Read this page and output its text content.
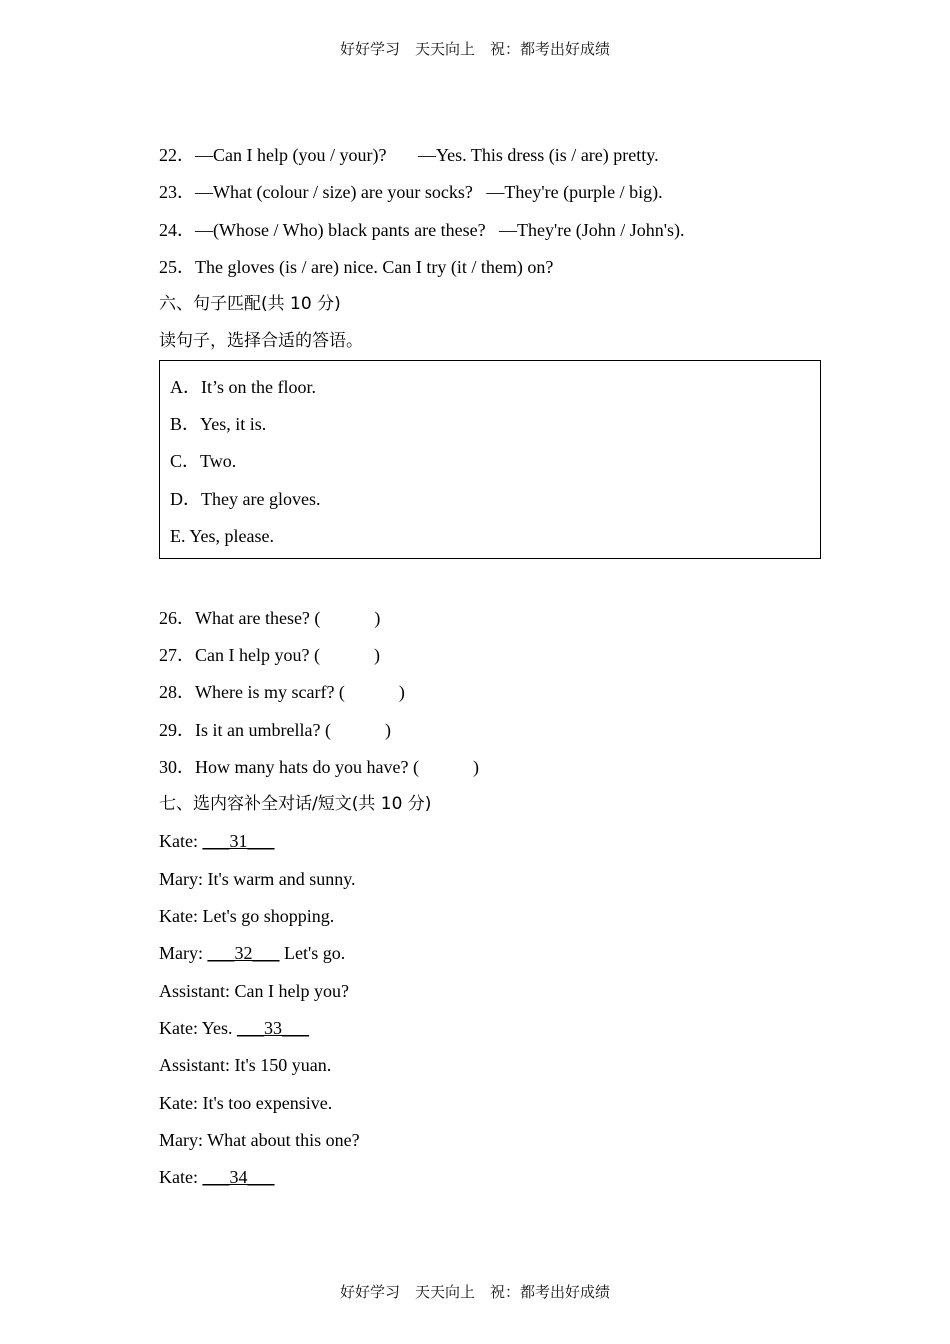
好好学习　天天向上　祝：都考出好成绩
22．—Can I help (you / your)?       —Yes. This dress (is / are) pretty.
23．—What (colour / size) are your socks?   —They're (purple / big).
24．—(Whose / Who) black pants are these?   —They're (John / John's).
25．The gloves (is / are) nice. Can I try (it / them) on?
六、句子匹配(共 10 分)
读句子，选择合适的答语。
A．It’s on the floor.
B．Yes, it is.
C．Two.
D．They are gloves.
E. Yes, please.
26．What are these? (            )
27．Can I help you? (            )
28．Where is my scarf? (            )
29．Is it an umbrella? (            )
30．How many hats do you have? (            )
七、选内容补全对话/短文(共 10 分)
Kate: ___31___
Mary: It's warm and sunny.
Kate: Let's go shopping.
Mary: ___32___ Let's go.
Assistant: Can I help you?
Kate: Yes. ___33___
Assistant: It's 150 yuan.
Kate: It's too expensive.
Mary: What about this one?
Kate: ___34___
好好学习　天天向上　祝：都考出好成绩
